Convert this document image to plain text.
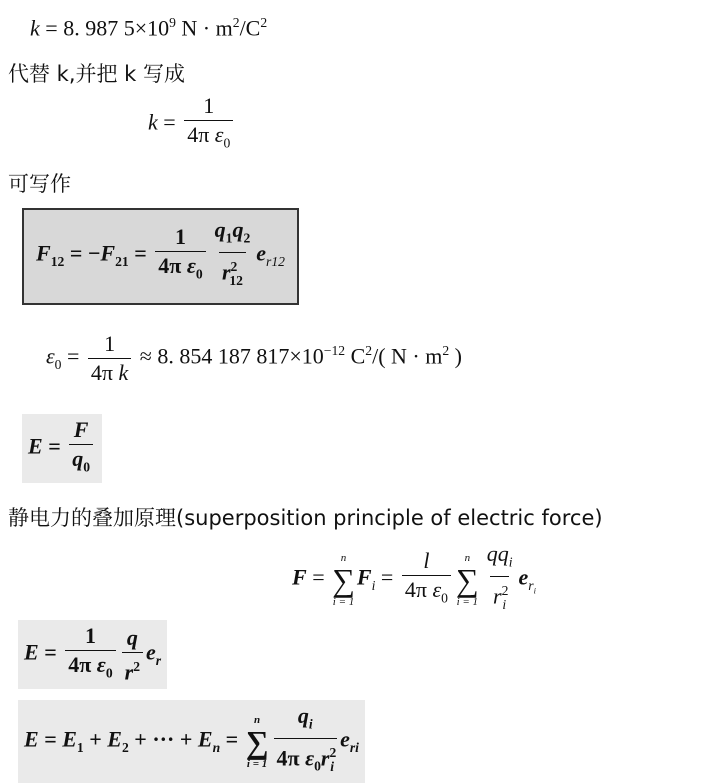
k = 8. 987 $5\times 10^9$ $N \cdot m^2/C^2$
代替 k,并把 k 写成
$k = \frac{1}{4\pi \varepsilon_0}$
可写作
$F_{12} = -F_{21} = \frac{1}{4\pi \varepsilon_0} \frac{q_1q_2}{r^2_{12}} e_{r12}$
$\varepsilon_0 = \frac{1}{\text{4π k}} \approx 8$. 854 187 $817\times 10^{-12}$ $C^2/$( $N \cdot m^2$ )
$E = \frac{F}{q_0}$
静电力的叠加原理(superposition principle of electric force)
F =
n
∑
i = 1
$F_i = \frac{l}{4\pi \varepsilon_0}$ n
∑
$i = 1 \frac{qq_i}{r^2_i} e_{r_i}$
$E = \frac{1}{4\pi \varepsilon_0} \frac{q}{r^2} e_r$
$E = E_1 + E_2$ + ··· + $E_n$ =
n
∑
$i = 1 \frac{q_i}{4\pi \varepsilon_0r^2_i} e_{ri}$
